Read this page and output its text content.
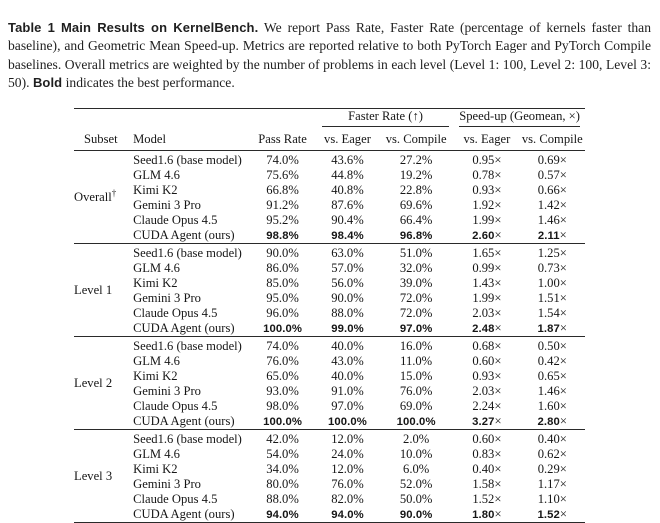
Table 1 Main Results on KernelBench. We report Pass Rate, Faster Rate (percentage of kernels faster than baseline), and Geometric Mean Speed-up. Metrics are reported relative to both PyTorch Eager and PyTorch Compile baselines. Overall metrics are weighted by the number of problems in each level (Level 1: 100, Level 2: 100, Level 3: 50). Bold indicates the best performance.

			Faster Rate (↑)		Speed-up (Geomean, ×)	

Subset	Model	Pass Rate	vs. Eager	vs. Compile	vs. Eager	vs. Compile
Overall†	Seed1.6 (base model)	74.0%	43.6%	27.2%	0.95×	0.69×
	GLM 4.6	75.6%	44.8%	19.2%	0.78×	0.57×
	Kimi K2	66.8%	40.8%	22.8%	0.93×	0.66×
	Gemini 3 Pro	91.2%	87.6%	69.6%	1.92×	1.42×
	Claude Opus 4.5	95.2%	90.4%	66.4%	1.99×	1.46×
	CUDA Agent (ours)	98.8%	98.4%	96.8%	2.60×	2.11×
Level 1	Seed1.6 (base model)	90.0%	63.0%	51.0%	1.65×	1.25×
	GLM 4.6	86.0%	57.0%	32.0%	0.99×	0.73×
	Kimi K2	85.0%	56.0%	39.0%	1.43×	1.00×
	Gemini 3 Pro	95.0%	90.0%	72.0%	1.99×	1.51×
	Claude Opus 4.5	96.0%	88.0%	72.0%	2.03×	1.54×
	CUDA Agent (ours)	100.0%	99.0%	97.0%	2.48×	1.87×
Level 2	Seed1.6 (base model)	74.0%	40.0%	16.0%	0.68×	0.50×
	GLM 4.6	76.0%	43.0%	11.0%	0.60×	0.42×
	Kimi K2	65.0%	40.0%	15.0%	0.93×	0.65×
	Gemini 3 Pro	93.0%	91.0%	76.0%	2.03×	1.46×
	Claude Opus 4.5	98.0%	97.0%	69.0%	2.24×	1.60×
	CUDA Agent (ours)	100.0%	100.0%	100.0%	3.27×	2.80×
Level 3	Seed1.6 (base model)	42.0%	12.0%	2.0%	0.60×	0.40×
	GLM 4.6	54.0%	24.0%	10.0%	0.83×	0.62×
	Kimi K2	34.0%	12.0%	6.0%	0.40×	0.29×
	Gemini 3 Pro	80.0%	76.0%	52.0%	1.58×	1.17×
	Claude Opus 4.5	88.0%	82.0%	50.0%	1.52×	1.10×
	CUDA Agent (ours)	94.0%	94.0%	90.0%	1.80×	1.52×
